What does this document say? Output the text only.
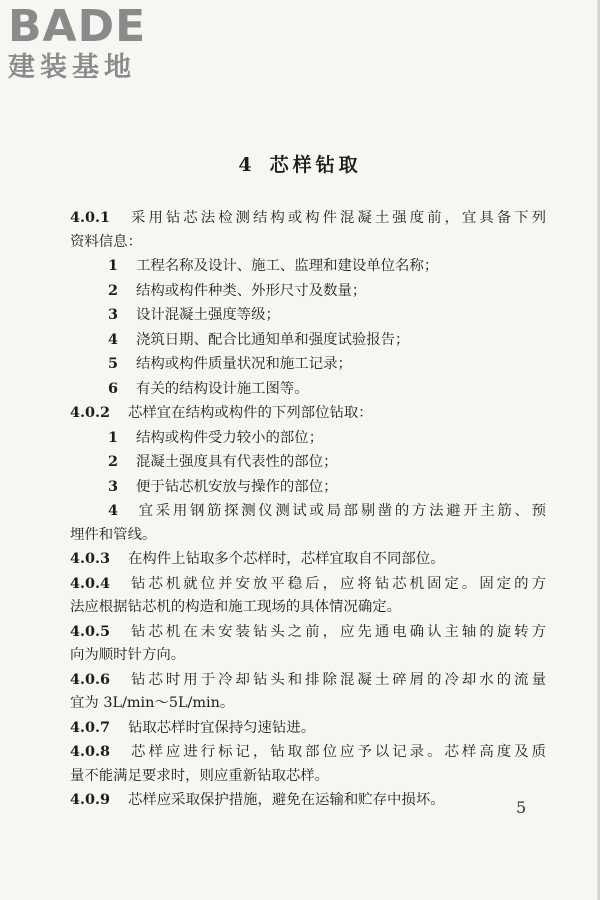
BADE
建装基地
4 芯样钻取
4.0.1 采用钻芯法检测结构或构件混凝土强度前，宜具备下列
资料信息：
1 工程名称及设计、施工、监理和建设单位名称；
2 结构或构件种类、外形尺寸及数量；
3 设计混凝土强度等级；
4 浇筑日期、配合比通知单和强度试验报告；
5 结构或构件质量状况和施工记录；
6 有关的结构设计施工图等。
4.0.2 芯样宜在结构或构件的下列部位钻取：
1 结构或构件受力较小的部位；
2 混凝土强度具有代表性的部位；
3 便于钻芯机安放与操作的部位；
4 宜采用钢筋探测仪测试或局部剔凿的方法避开主筋、预
埋件和管线。
4.0.3 在构件上钻取多个芯样时，芯样宜取自不同部位。
4.0.4 钻芯机就位并安放平稳后，应将钻芯机固定。固定的方
法应根据钻芯机的构造和施工现场的具体情况确定。
4.0.5 钻芯机在未安装钻头之前，应先通电确认主轴的旋转方
向为顺时针方向。
4.0.6 钻芯时用于冷却钻头和排除混凝土碎屑的冷却水的流量
宜为 3L/min～5L/min。
4.0.7 钻取芯样时宜保持匀速钻进。
4.0.8 芯样应进行标记，钻取部位应予以记录。芯样高度及质
量不能满足要求时，则应重新钻取芯样。
4.0.9 芯样应采取保护措施，避免在运输和贮存中损坏。	5
